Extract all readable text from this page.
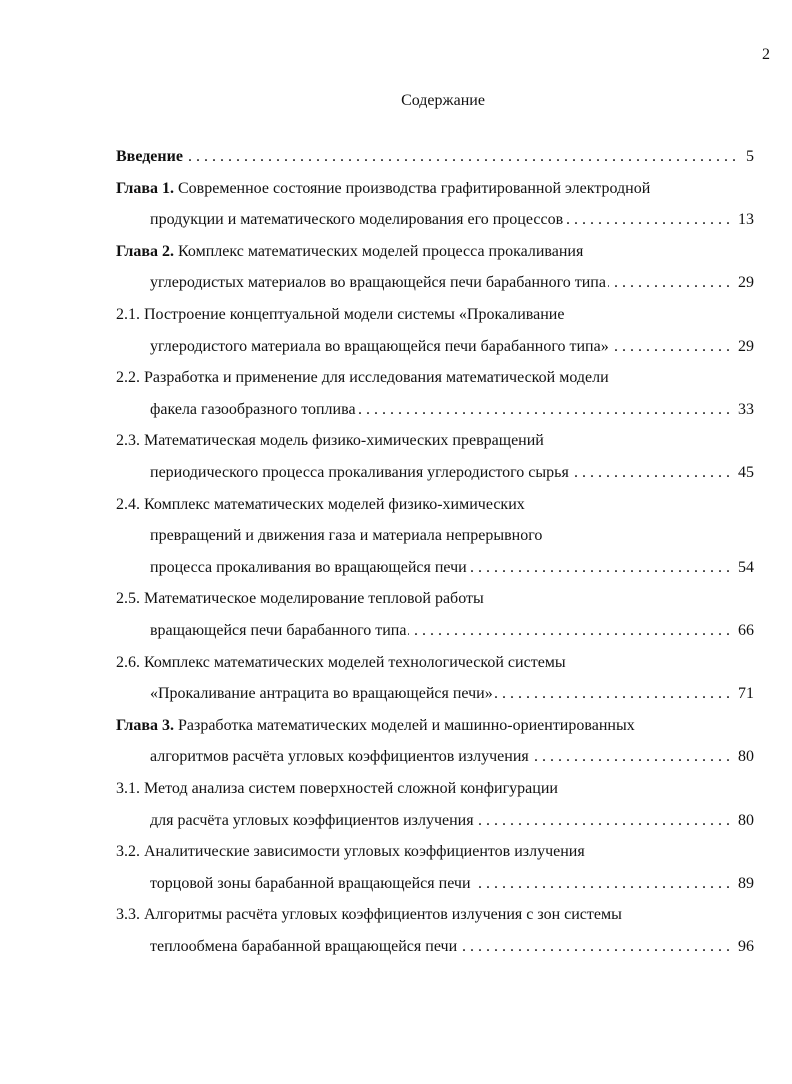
2
Содержание
. . . Введение	5
Глава 1. Современное состояние производства графитированной электродной
. . . продукции и математического моделирования его процессов	13
Глава 2. Комплекс математических моделей процесса прокаливания
. . . углеродистых материалов во вращающейся печи барабанного типа	29
2.1. Построение концептуальной модели системы «Прокаливание
. . . углеродистого материала во вращающейся печи барабанного типа»	29
2.2. Разработка и применение для исследования математической модели
. . . факела газообразного топлива	33
2.3. Математическая модель физико-химических превращений
. . . периодического процесса прокаливания углеродистого сырья	45
2.4. Комплекс математических моделей физико-химических
превращений и движения газа и материала непрерывного
. . . процесса прокаливания во вращающейся печи	54
2.5. Математическое моделирование тепловой работы
. . . вращающейся печи барабанного типа	66
2.6. Комплекс математических моделей технологической системы
. . . «Прокаливание антрацита во вращающейся печи»	71
Глава 3. Разработка математических моделей и машинно-ориентированных
. . . алгоритмов расчёта угловых коэффициентов излучения	80
3.1. Метод анализа систем поверхностей сложной конфигурации
. . . для расчёта угловых коэффициентов излучения	80
3.2. Аналитические зависимости угловых коэффициентов излучения
. . . торцовой зоны барабанной вращающейся печи	89
3.3. Алгоритмы расчёта угловых коэффициентов излучения с зон системы
. . . теплообмена барабанной вращающейся печи	96
